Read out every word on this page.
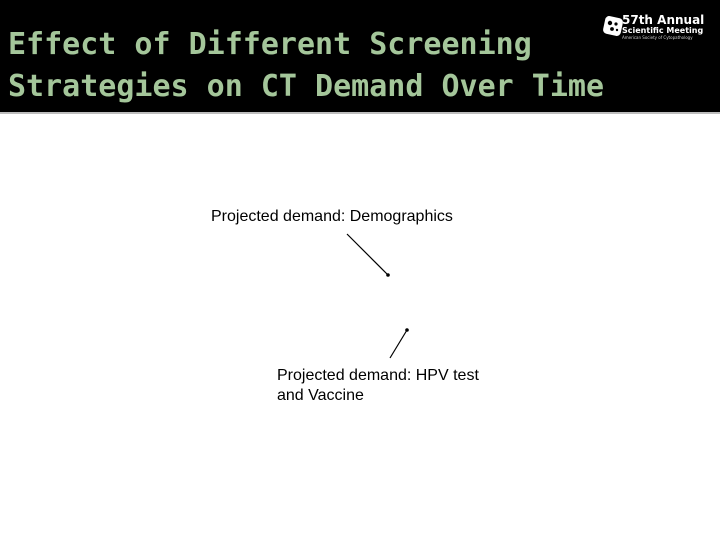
Effect of Different Screening
Strategies on CT Demand Over Time
57th Annual
Scientific Meeting
American Society of Cytopathology

Projected demand: Demographics

Projected demand: HPV test and Vaccine
